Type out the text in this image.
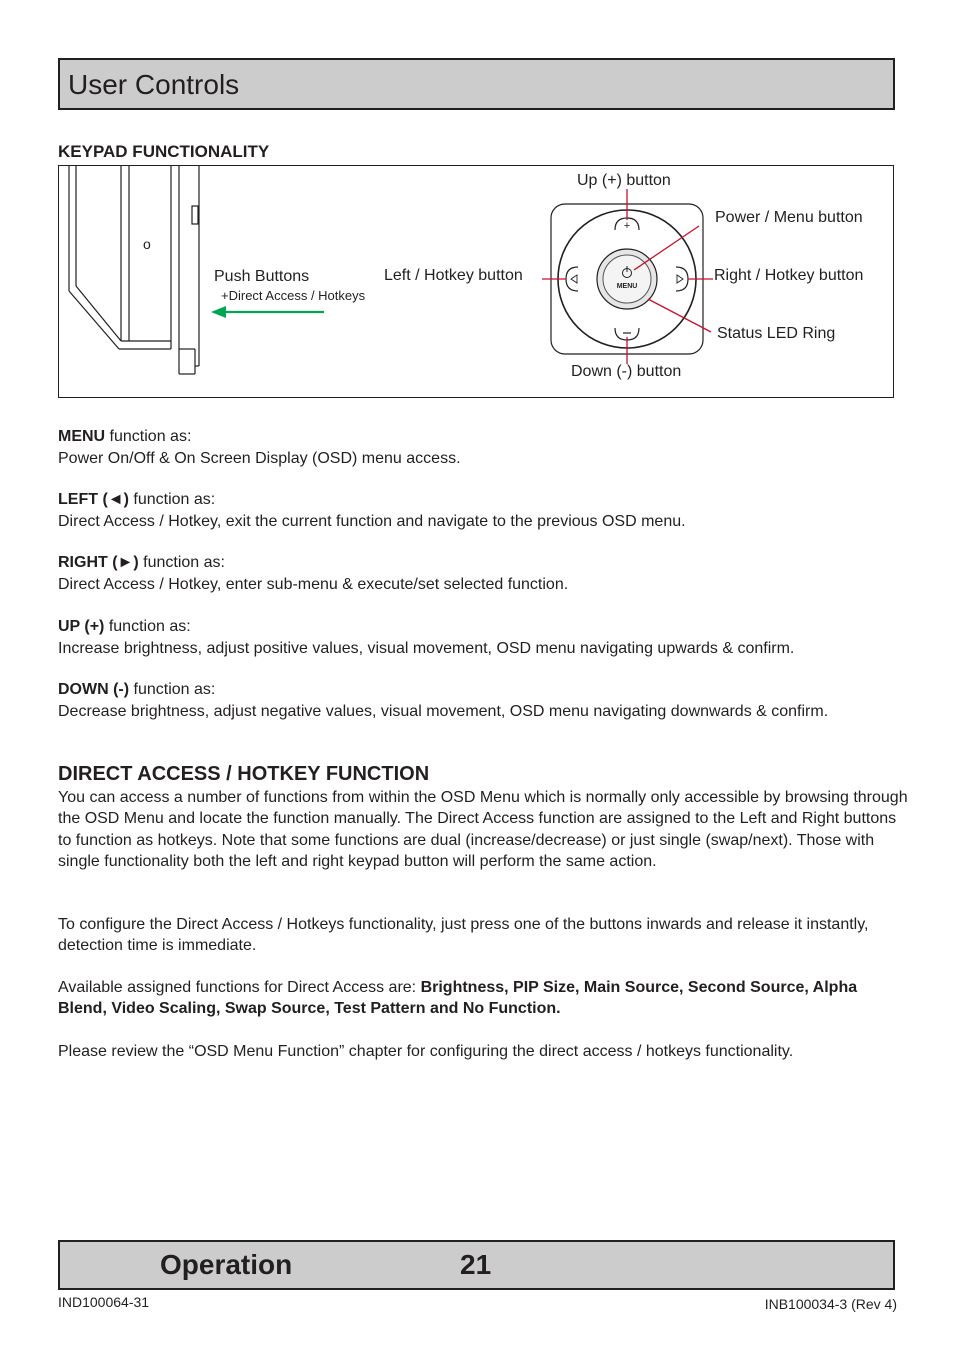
User Controls
KEYPAD FUNCTIONALITY
+
MENU
o
Up (+) button
Power / Menu button
Push Buttons
+Direct Access / Hotkeys
Left / Hotkey button	Right / Hotkey button
Status LED Ring
Down (-) button
MENU function as:
Power On/Off & On Screen Display (OSD) menu access.
LEFT (◄) function as:
Direct Access / Hotkey, exit the current function and navigate to the previous OSD menu.
RIGHT (►) function as:
Direct Access / Hotkey, enter sub-menu & execute/set selected function.
UP (+) function as:
Increase brightness, adjust positive values, visual movement, OSD menu navigating upwards & confirm.
DOWN (-) function as:
Decrease brightness, adjust negative values, visual movement, OSD menu navigating downwards & confirm.
DIRECT ACCESS / HOTKEY FUNCTION
You can access a number of functions from within the OSD Menu which is normally only accessible by browsing through the OSD Menu and locate the function manually. The Direct Access function are assigned to the Left and Right buttons to function as hotkeys. Note that some functions are dual (increase/decrease) or just single (swap/next). Those with single functionality both the left and right keypad button will perform the same action.
To configure the Direct Access / Hotkeys functionality, just press one of the buttons inwards and release it instantly, detection time is immediate.
Available assigned functions for Direct Access are: Brightness, PIP Size, Main Source, Second Source, Alpha Blend, Video Scaling, Swap Source, Test Pattern and No Function.
Please review the “OSD Menu Function” chapter for configuring the direct access / hotkeys functionality.
Operation	21
IND100064-31	INB100034-3 (Rev 4)
